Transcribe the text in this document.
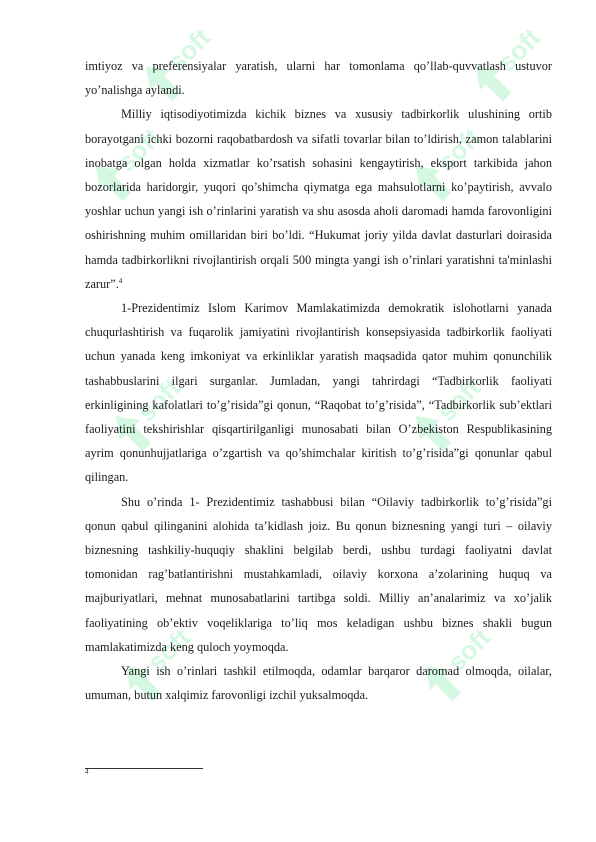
soft	soft
soft	soft
soft	soft
soft	soft

imtiyoz va preferensiyalar yaratish, ularni har tomonlama qo’llab-quvvatlash ustuvor yo’nalishga aylandi.

Milliy iqtisodiyotimizda kichik biznes va xususiy tadbirkorlik ulushining ortib borayotgani ichki bozorni raqobatbardosh va sifatli tovarlar bilan to’ldirish, zamon talablarini inobatga olgan holda xizmatlar ko’rsatish sohasini kengaytirish, eksport tarkibida jahon bozorlarida haridorgir, yuqori qo’shimcha qiymatga ega mahsulotlarni ko’paytirish, avvalo yoshlar uchun yangi ish o’rinlarini yaratish va shu asosda aholi daromadi hamda farovonligini oshirishning muhim omillaridan biri bo’ldi. “Hukumat joriy yilda davlat dasturlari doirasida hamda tadbirkorlikni rivojlantirish orqali 500 mingta yangi ish o’rinlari yaratishni ta'minlashi zarur”.$^4$

1-Prezidentimiz Islom Karimov Mamlakatimizda demokratik islohotlarni yanada chuqurlashtirish va fuqarolik jamiyatini rivojlantirish konsepsiyasida tadbirkorlik faoliyati uchun yanada keng imkoniyat va erkinliklar yaratish maqsadida qator muhim qonunchilik tashabbuslarini ilgari surganlar. Jumladan, yangi tahrirdagi “Tadbirkorlik faoliyati erkinligining kafolatlari to’g’risida”gi qonun, “Raqobat to’g’risida”, “Tadbirkorlik sub’ektlari faoliyatini tekshirishlar qisqartirilganligi munosabati bilan O’zbekiston Respublikasining ayrim qonunhujjatlariga o’zgartish va qo’shimchalar kiritish to’g’risida”gi qonunlar qabul qilingan.

Shu o’rinda 1- Prezidentimiz tashabbusi bilan “Oilaviy tadbirkorlik to’g’risida”gi qonun qabul qilinganini alohida ta’kidlash joiz. Bu qonun biznesning yangi turi – oilaviy biznesning tashkiliy-huquqiy shaklini belgilab berdi, ushbu turdagi faoliyatni davlat tomonidan rag’batlantirishni mustahkamladi, oilaviy korxona a’zolarining huquq va majburiyatlari, mehnat munosabatlarini tartibga soldi. Milliy an’analarimiz va xo’jalik faoliyatining ob’ektiv voqeliklariga to’liq mos keladigan ushbu biznes shakli bugun mamlakatimizda keng quloch yoymoqda.

Yangi ish o’rinlari tashkil etilmoqda, odamlar barqaror daromad olmoqda, oilalar, umuman, butun xalqimiz farovonligi izchil yuksalmoqda.

$^4$
